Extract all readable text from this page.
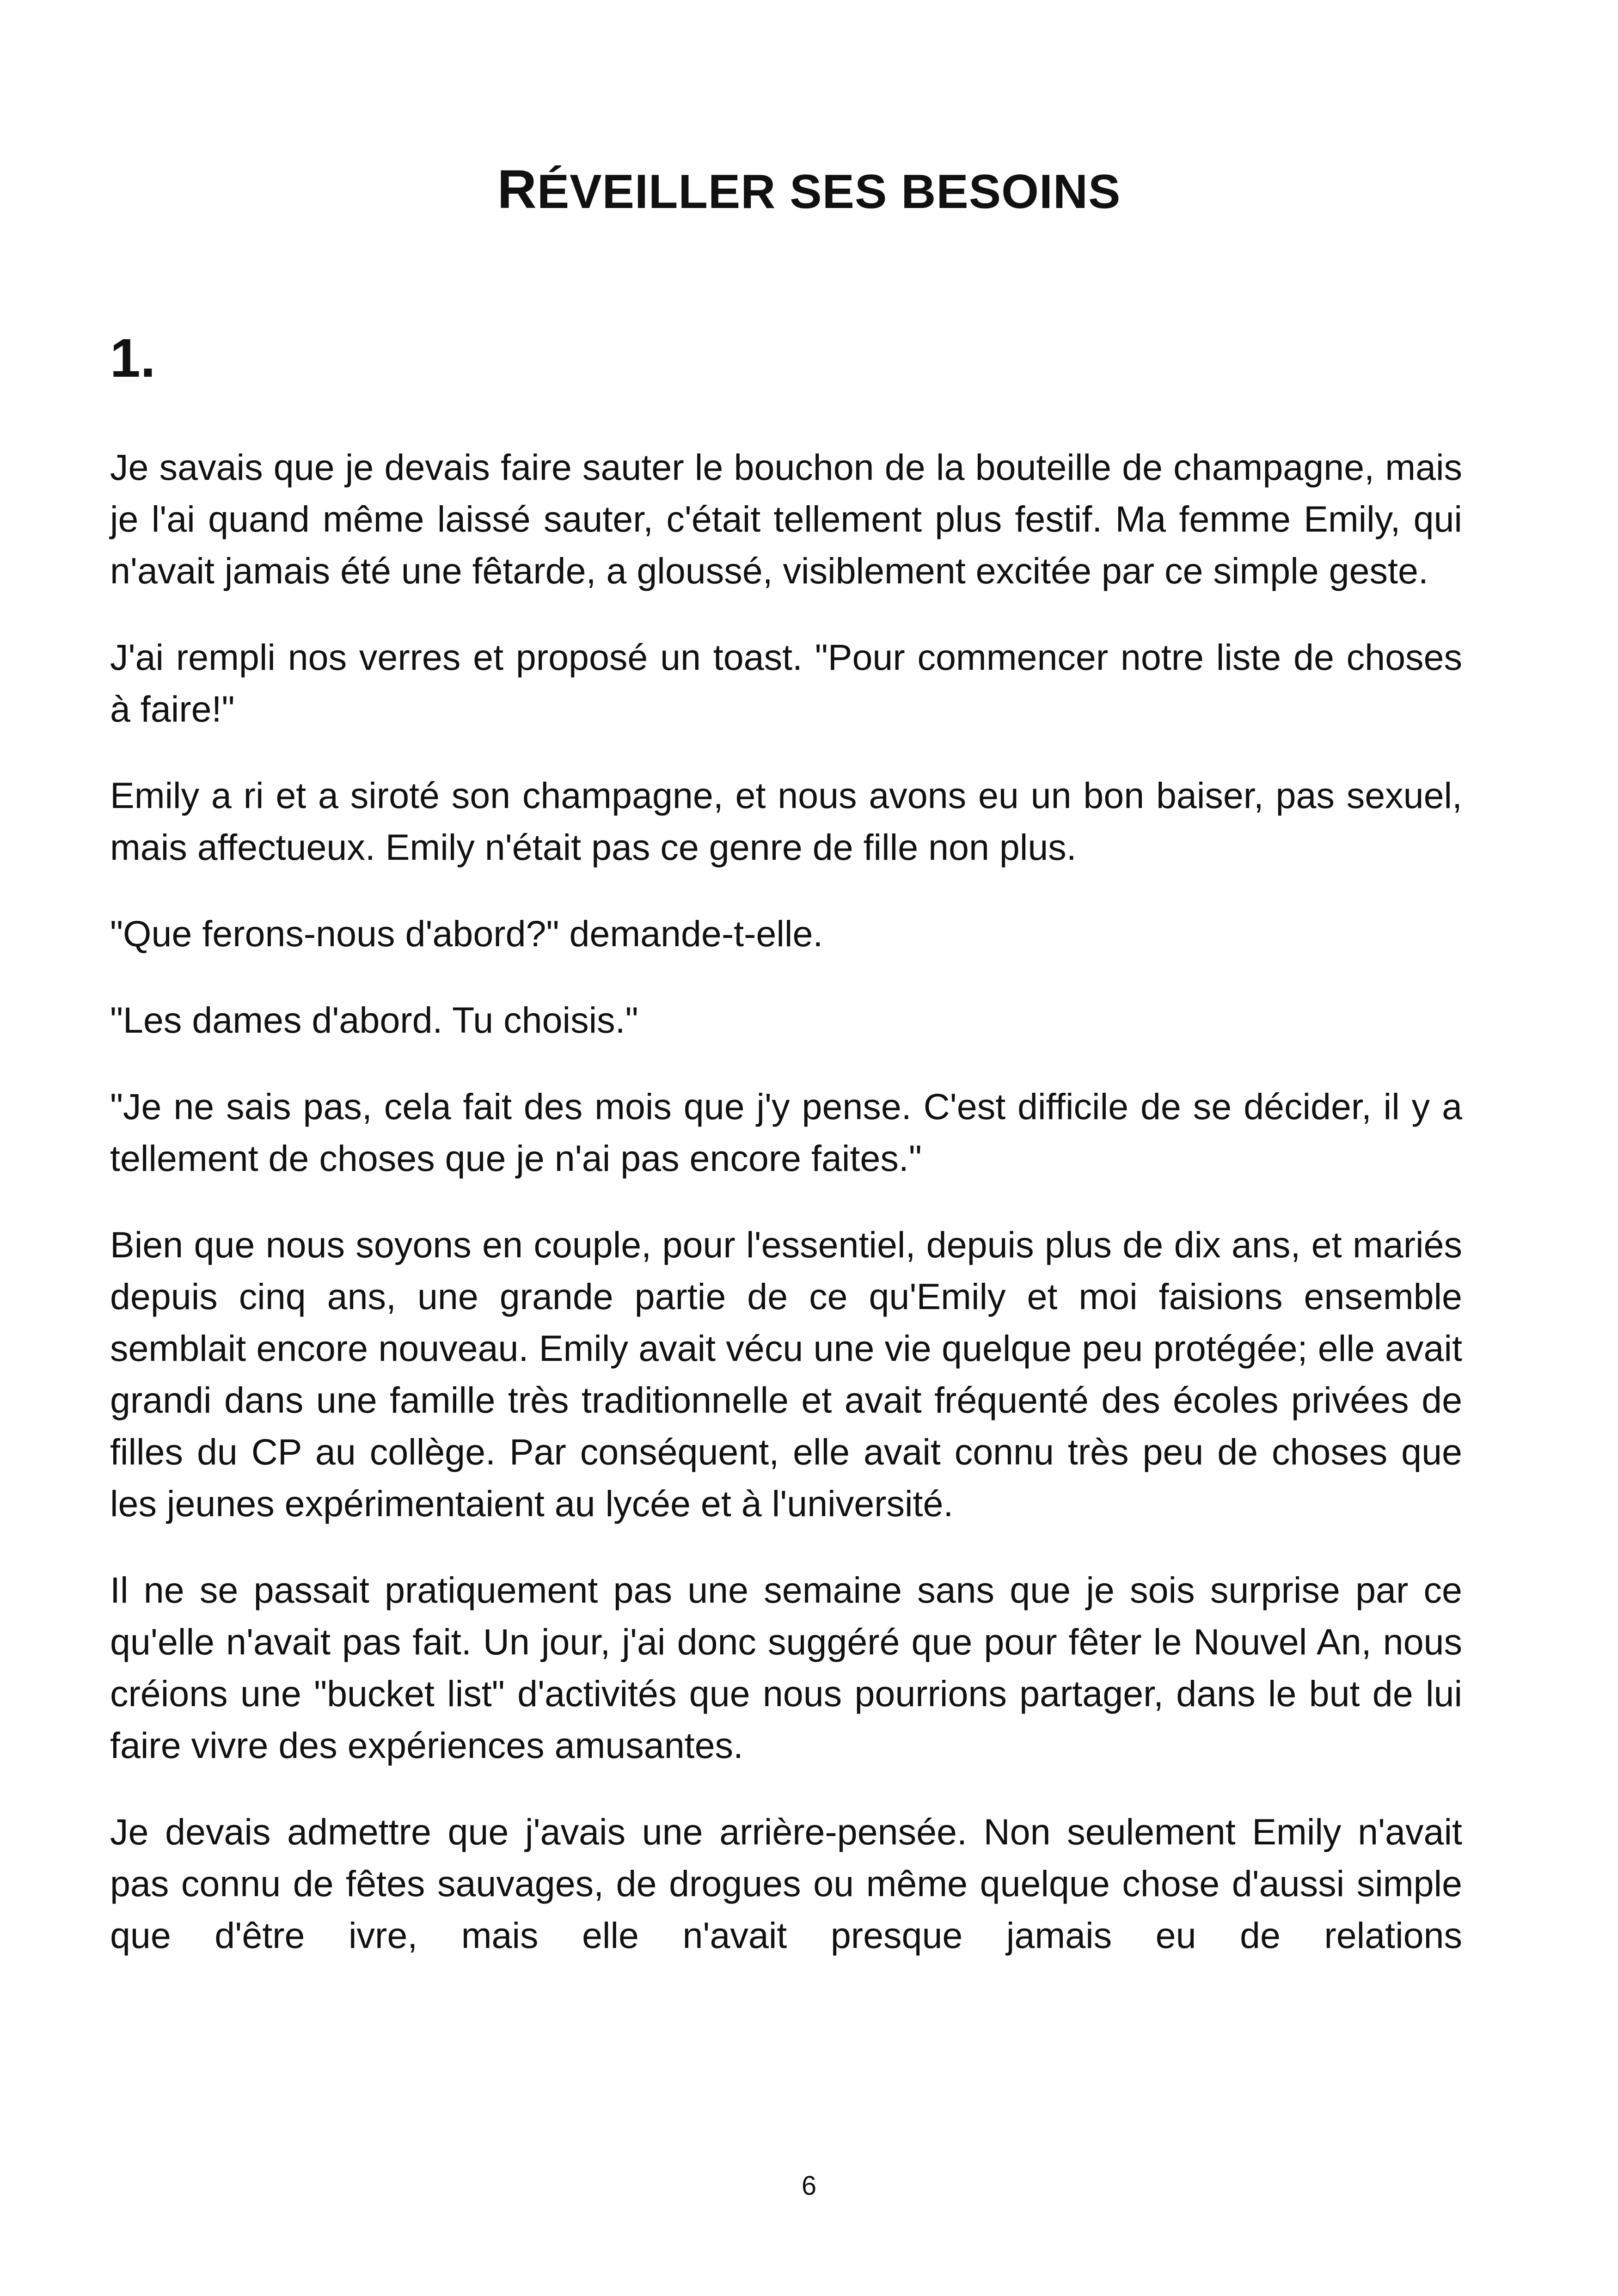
RÉVEILLER SES BESOINS
1.

Je savais que je devais faire sauter le bouchon de la bouteille de champagne, mais je l'ai quand même laissé sauter, c'était tellement plus festif. Ma femme Emily, qui n'avait jamais été une fêtarde, a gloussé, visiblement excitée par ce simple geste.

J'ai rempli nos verres et proposé un toast. "Pour commencer notre liste de choses à faire!"

Emily a ri et a siroté son champagne, et nous avons eu un bon baiser, pas sexuel, mais affectueux. Emily n'était pas ce genre de fille non plus.

"Que ferons-nous d'abord?" demande-t-elle.

"Les dames d'abord. Tu choisis."

"Je ne sais pas, cela fait des mois que j'y pense. C'est difficile de se décider, il y a tellement de choses que je n'ai pas encore faites."

Bien que nous soyons en couple, pour l'essentiel, depuis plus de dix ans, et mariés depuis cinq ans, une grande partie de ce qu'Emily et moi faisions ensemble semblait encore nouveau. Emily avait vécu une vie quelque peu protégée; elle avait grandi dans une famille très traditionnelle et avait fréquenté des écoles privées de filles du CP au collège. Par conséquent, elle avait connu très peu de choses que les jeunes expérimentaient au lycée et à l'université.

Il ne se passait pratiquement pas une semaine sans que je sois surprise par ce qu'elle n'avait pas fait. Un jour, j'ai donc suggéré que pour fêter le Nouvel An, nous créions une "bucket list" d'activités que nous pourrions partager, dans le but de lui faire vivre des expériences amusantes.

Je devais admettre que j'avais une arrière-pensée. Non seulement Emily n'avait pas connu de fêtes sauvages, de drogues ou même quelque chose d'aussi simple que d'être ivre, mais elle n'avait presque jamais eu de relations

6
